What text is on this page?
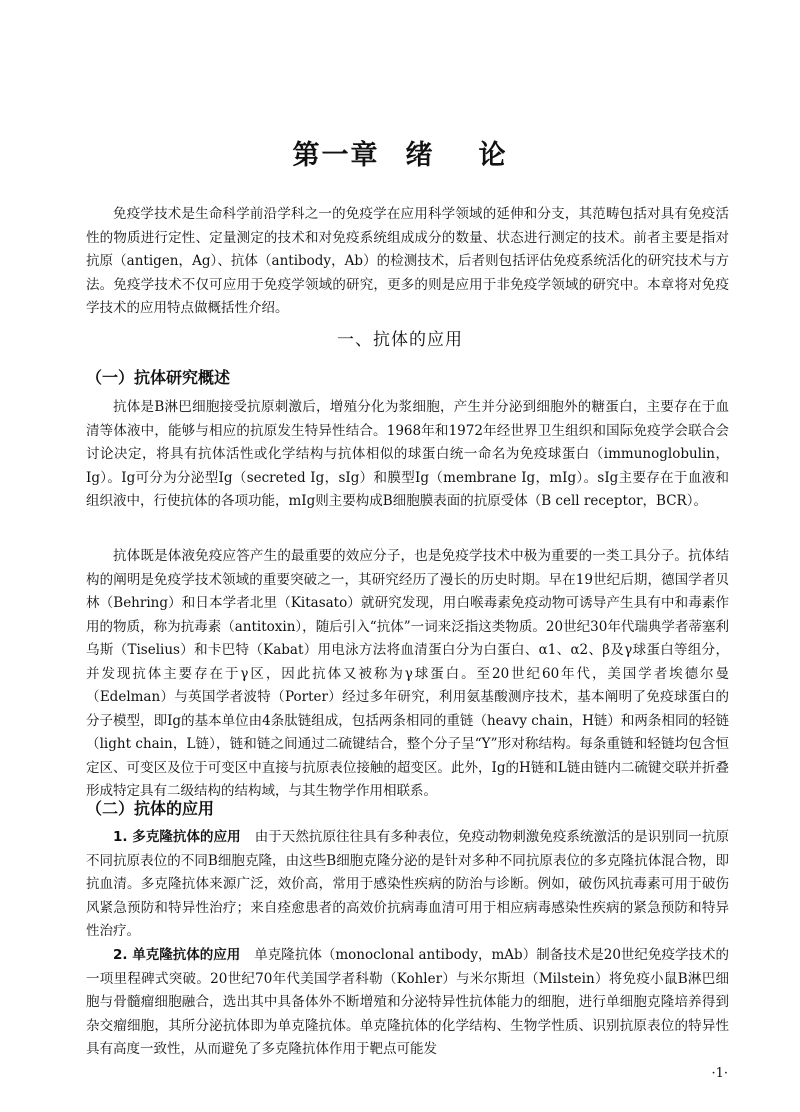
第一章 绪 论

免疫学技术是生命科学前沿学科之一的免疫学在应用科学领域的延伸和分支，其范畴包括对具有免疫活性的物质进行定性、定量测定的技术和对免疫系统组成成分的数量、状态进行测定的技术。前者主要是指对抗原（antigen，Ag）、抗体（antibody，Ab）的检测技术，后者则包括评估免疫系统活化的研究技术与方法。免疫学技术不仅可应用于免疫学领域的研究，更多的则是应用于非免疫学领域的研究中。本章将对免疫学技术的应用特点做概括性介绍。

一、抗体的应用
（一）抗体研究概述

抗体是B淋巴细胞接受抗原刺激后，增殖分化为浆细胞，产生并分泌到细胞外的糖蛋白，主要存在于血清等体液中，能够与相应的抗原发生特异性结合。1968年和1972年经世界卫生组织和国际免疫学会联合会讨论决定，将具有抗体活性或化学结构与抗体相似的球蛋白统一命名为免疫球蛋白（immunoglobulin，Ig）。Ig可分为分泌型Ig（secreted Ig，sIg）和膜型Ig（membrane Ig，mIg）。sIg主要存在于血液和组织液中，行使抗体的各项功能，mIg则主要构成B细胞膜表面的抗原受体（B cell receptor，BCR）。

抗体既是体液免疫应答产生的最重要的效应分子，也是免疫学技术中极为重要的一类工具分子。抗体结构的阐明是免疫学技术领域的重要突破之一，其研究经历了漫长的历史时期。早在19世纪后期，德国学者贝林（Behring）和日本学者北里（Kitasato）就研究发现，用白喉毒素免疫动物可诱导产生具有中和毒素作用的物质，称为抗毒素（antitoxin），随后引入“抗体”一词来泛指这类物质。20世纪30年代瑞典学者蒂塞利乌斯（Tiselius）和卡巴特（Kabat）用电泳方法将血清蛋白分为白蛋白、α1、α2、β及γ球蛋白等组分，并发现抗体主要存在于γ区，因此抗体又被称为γ球蛋白。至20世纪60年代，美国学者埃德尔曼（Edelman）与英国学者波特（Porter）经过多年研究，利用氨基酸测序技术，基本阐明了免疫球蛋白的分子模型，即Ig的基本单位由4条肽链组成，包括两条相同的重链（heavy chain，H链）和两条相同的轻链（light chain，L链），链和链之间通过二硫键结合，整个分子呈“Y”形对称结构。每条重链和轻链均包含恒定区、可变区及位于可变区中直接与抗原表位接触的超变区。此外，Ig的H链和L链由链内二硫键交联并折叠形成特定具有二级结构的结构域，与其生物学作用相联系。

（二）抗体的应用

1. 多克隆抗体的应用 由于天然抗原往往具有多种表位，免疫动物刺激免疫系统激活的是识别同一抗原不同抗原表位的不同B细胞克隆，由这些B细胞克隆分泌的是针对多种不同抗原表位的多克隆抗体混合物，即抗血清。多克隆抗体来源广泛，效价高，常用于感染性疾病的防治与诊断。例如，破伤风抗毒素可用于破伤风紧急预防和特异性治疗；来自痊愈患者的高效价抗病毒血清可用于相应病毒感染性疾病的紧急预防和特异性治疗。

2. 单克隆抗体的应用 单克隆抗体（monoclonal antibody，mAb）制备技术是20世纪免疫学技术的一项里程碑式突破。20世纪70年代美国学者科勒（Kohler）与米尔斯坦（Milstein）将免疫小鼠B淋巴细胞与骨髓瘤细胞融合，选出其中具备体外不断增殖和分泌特异性抗体能力的细胞，进行单细胞克隆培养得到杂交瘤细胞，其所分泌抗体即为单克隆抗体。单克隆抗体的化学结构、生物学性质、识别抗原表位的特异性具有高度一致性，从而避免了多克隆抗体作用于靶点可能发

·1·
